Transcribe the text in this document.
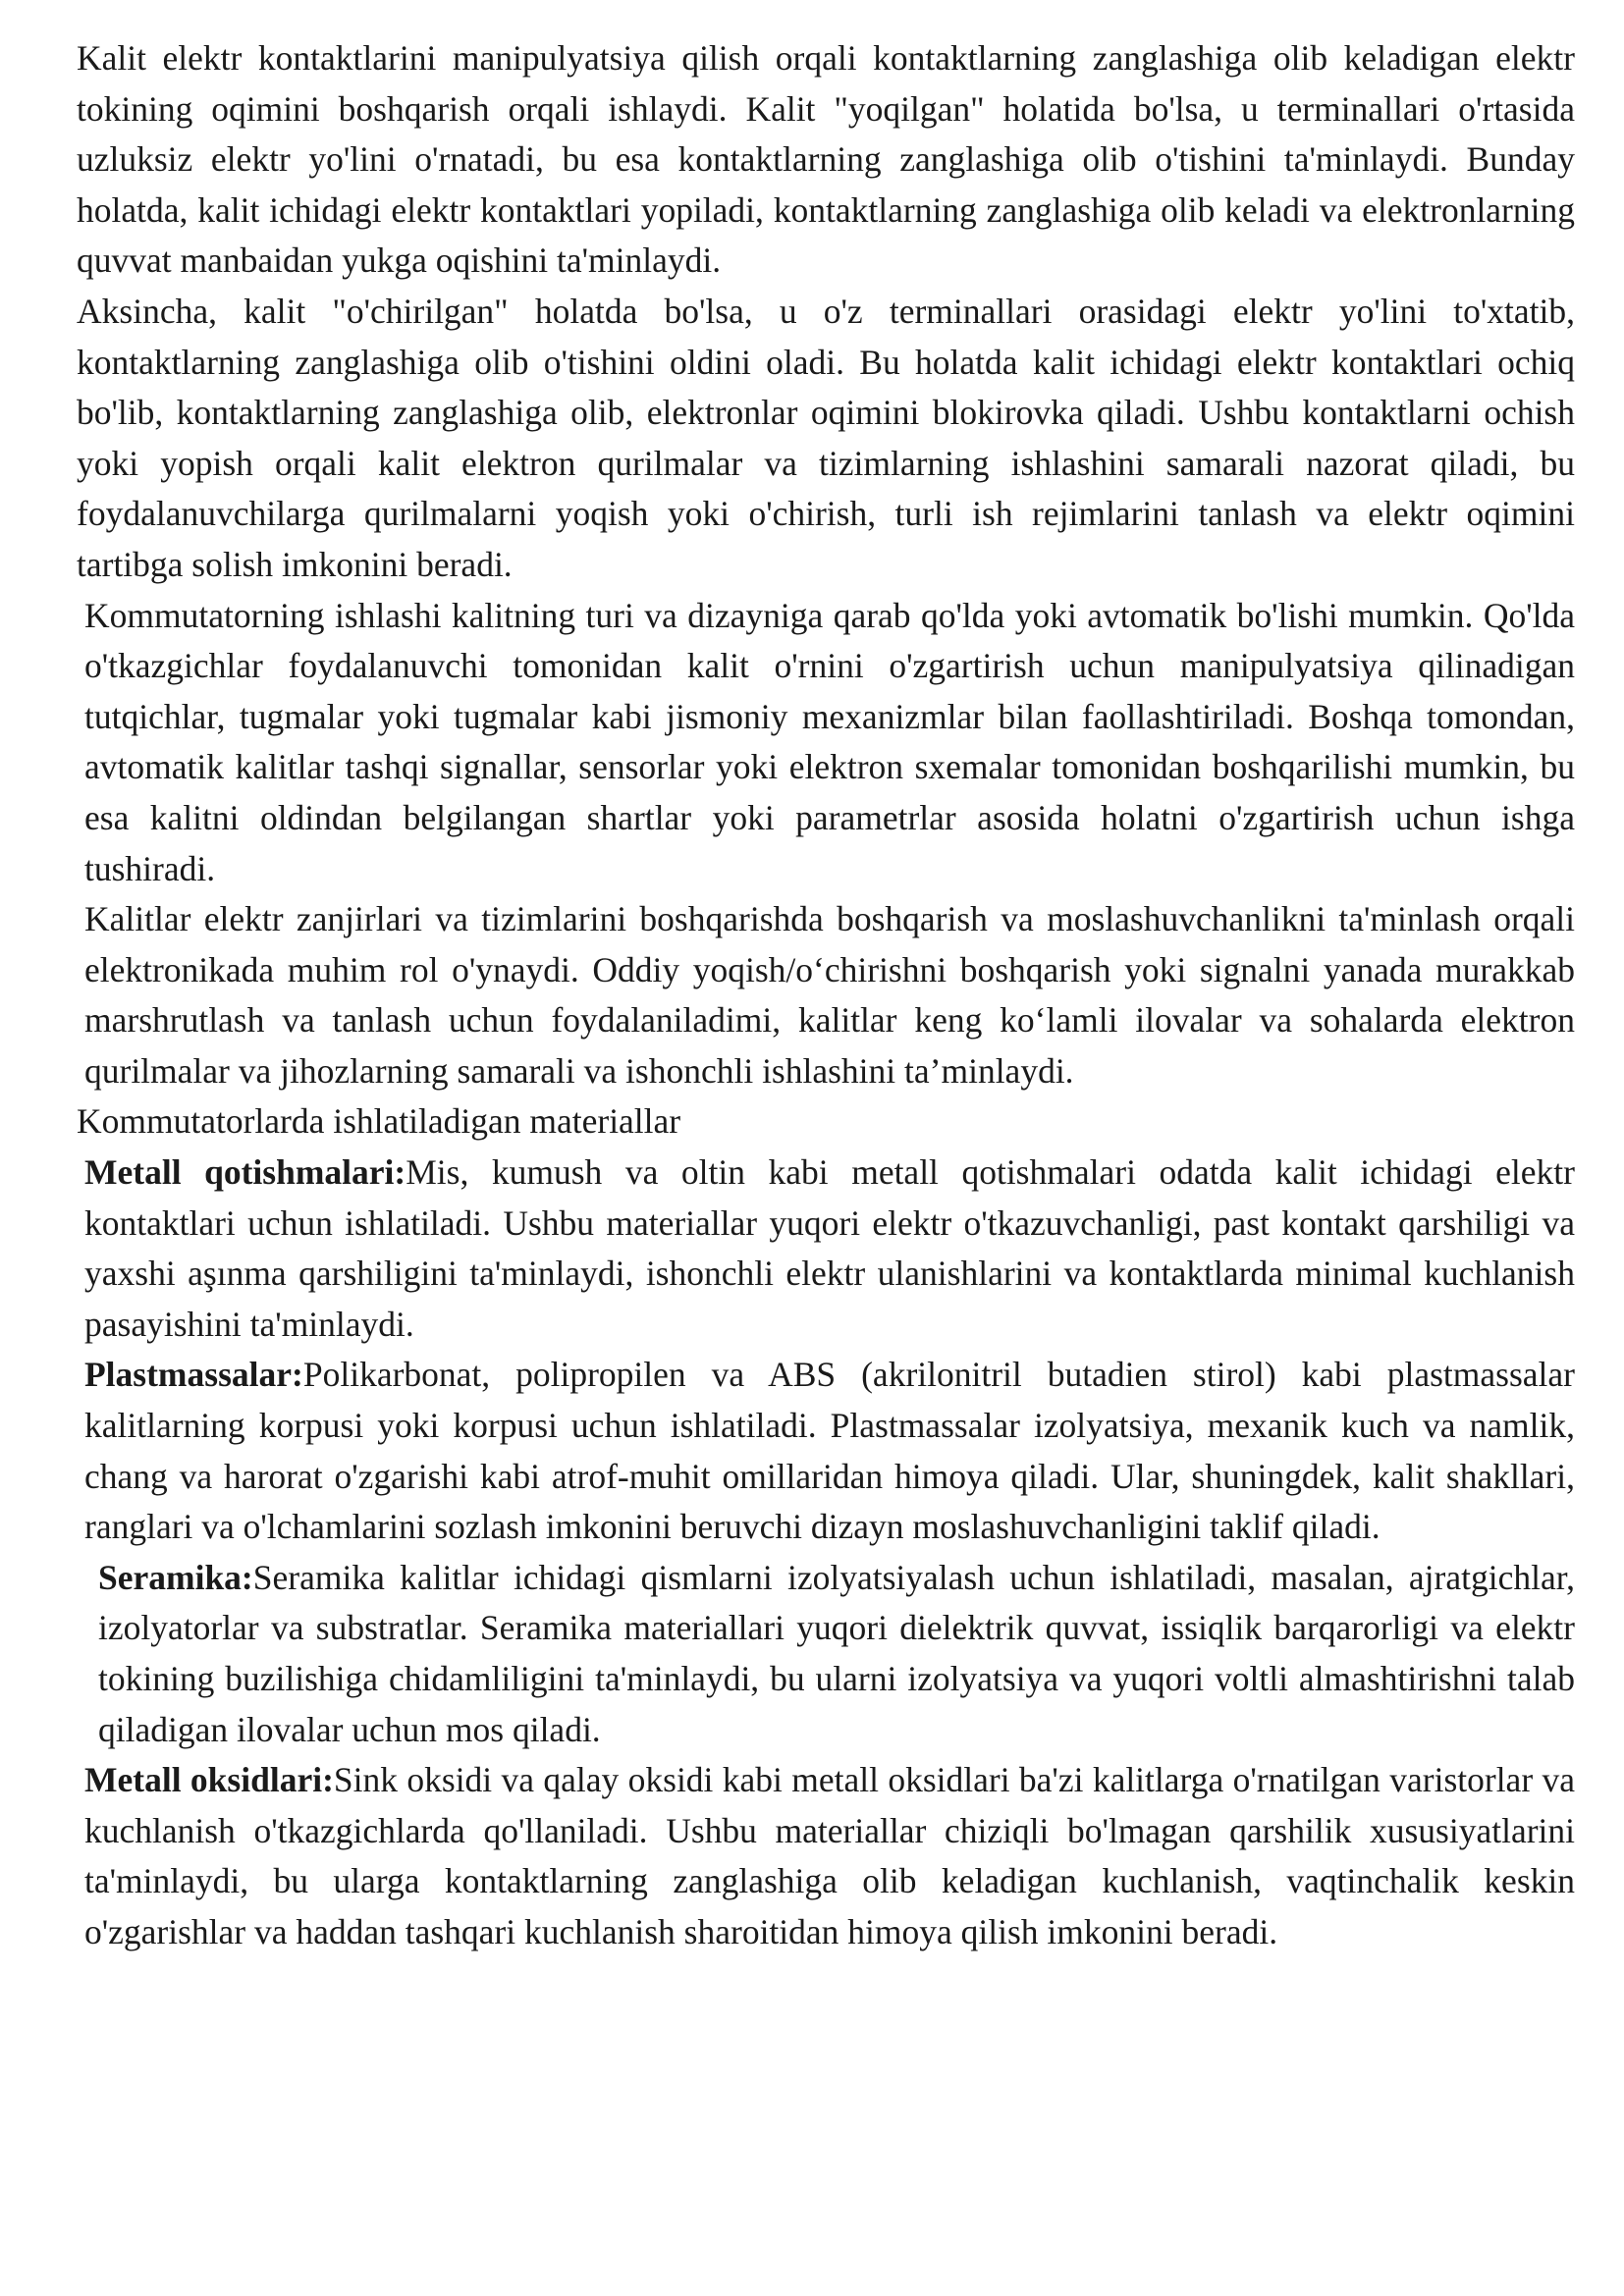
Kalit elektr kontaktlarini manipulyatsiya qilish orqali kontaktlarning zanglashiga olib keladigan elektr tokining oqimini boshqarish orqali ishlaydi. Kalit "yoqilgan" holatida bo'lsa, u terminallari o'rtasida uzluksiz elektr yo'lini o'rnatadi, bu esa kontaktlarning zanglashiga olib o'tishini ta'minlaydi. Bunday holatda, kalit ichidagi elektr kontaktlari yopiladi, kontaktlarning zanglashiga olib keladi va elektronlarning quvvat manbaidan yukga oqishini ta'minlaydi.

Aksincha, kalit "o'chirilgan" holatda bo'lsa, u o'z terminallari orasidagi elektr yo'lini to'xtatib, kontaktlarning zanglashiga olib o'tishini oldini oladi. Bu holatda kalit ichidagi elektr kontaktlari ochiq bo'lib, kontaktlarning zanglashiga olib, elektronlar oqimini blokirovka qiladi. Ushbu kontaktlarni ochish yoki yopish orqali kalit elektron qurilmalar va tizimlarning ishlashini samarali nazorat qiladi, bu foydalanuvchilarga qurilmalarni yoqish yoki o'chirish, turli ish rejimlarini tanlash va elektr oqimini tartibga solish imkonini beradi.

Kommutatorning ishlashi kalitning turi va dizayniga qarab qo'lda yoki avtomatik bo'lishi mumkin. Qo'lda o'tkazgichlar foydalanuvchi tomonidan kalit o'rnini o'zgartirish uchun manipulyatsiya qilinadigan tutqichlar, tugmalar yoki tugmalar kabi jismoniy mexanizmlar bilan faollashtiriladi. Boshqa tomondan, avtomatik kalitlar tashqi signallar, sensorlar yoki elektron sxemalar tomonidan boshqarilishi mumkin, bu esa kalitni oldindan belgilangan shartlar yoki parametrlar asosida holatni o'zgartirish uchun ishga tushiradi.

Kalitlar elektr zanjirlari va tizimlarini boshqarishda boshqarish va moslashuvchanlikni ta'minlash orqali elektronikada muhim rol o'ynaydi. Oddiy yoqish/o‘chirishni boshqarish yoki signalni yanada murakkab marshrutlash va tanlash uchun foydalaniladimi, kalitlar keng ko‘lamli ilovalar va sohalarda elektron qurilmalar va jihozlarning samarali va ishonchli ishlashini ta’minlaydi.

Kommutatorlarda ishlatiladigan materiallar

Metall qotishmalari:Mis, kumush va oltin kabi metall qotishmalari odatda kalit ichidagi elektr kontaktlari uchun ishlatiladi. Ushbu materiallar yuqori elektr o'tkazuvchanligi, past kontakt qarshiligi va yaxshi aşınma qarshiligini ta'minlaydi, ishonchli elektr ulanishlarini va kontaktlarda minimal kuchlanish pasayishini ta'minlaydi.

Plastmassalar:Polikarbonat, polipropilen va ABS (akrilonitril butadien stirol) kabi plastmassalar kalitlarning korpusi yoki korpusi uchun ishlatiladi. Plastmassalar izolyatsiya, mexanik kuch va namlik, chang va harorat o'zgarishi kabi atrof-muhit omillaridan himoya qiladi. Ular, shuningdek, kalit shakllari, ranglari va o'lchamlarini sozlash imkonini beruvchi dizayn moslashuvchanligini taklif qiladi.

Seramika:Seramika kalitlar ichidagi qismlarni izolyatsiyalash uchun ishlatiladi, masalan, ajratgichlar, izolyatorlar va substratlar. Seramika materiallari yuqori dielektrik quvvat, issiqlik barqarorligi va elektr tokining buzilishiga chidamliligini ta'minlaydi, bu ularni izolyatsiya va yuqori voltli almashtirishni talab qiladigan ilovalar uchun mos qiladi.

Metall oksidlari:Sink oksidi va qalay oksidi kabi metall oksidlari ba'zi kalitlarga o'rnatilgan varistorlar va kuchlanish o'tkazgichlarda qo'llaniladi. Ushbu materiallar chiziqli bo'lmagan qarshilik xususiyatlarini ta'minlaydi, bu ularga kontaktlarning zanglashiga olib keladigan kuchlanish, vaqtinchalik keskin o'zgarishlar va haddan tashqari kuchlanish sharoitidan himoya qilish imkonini beradi.
